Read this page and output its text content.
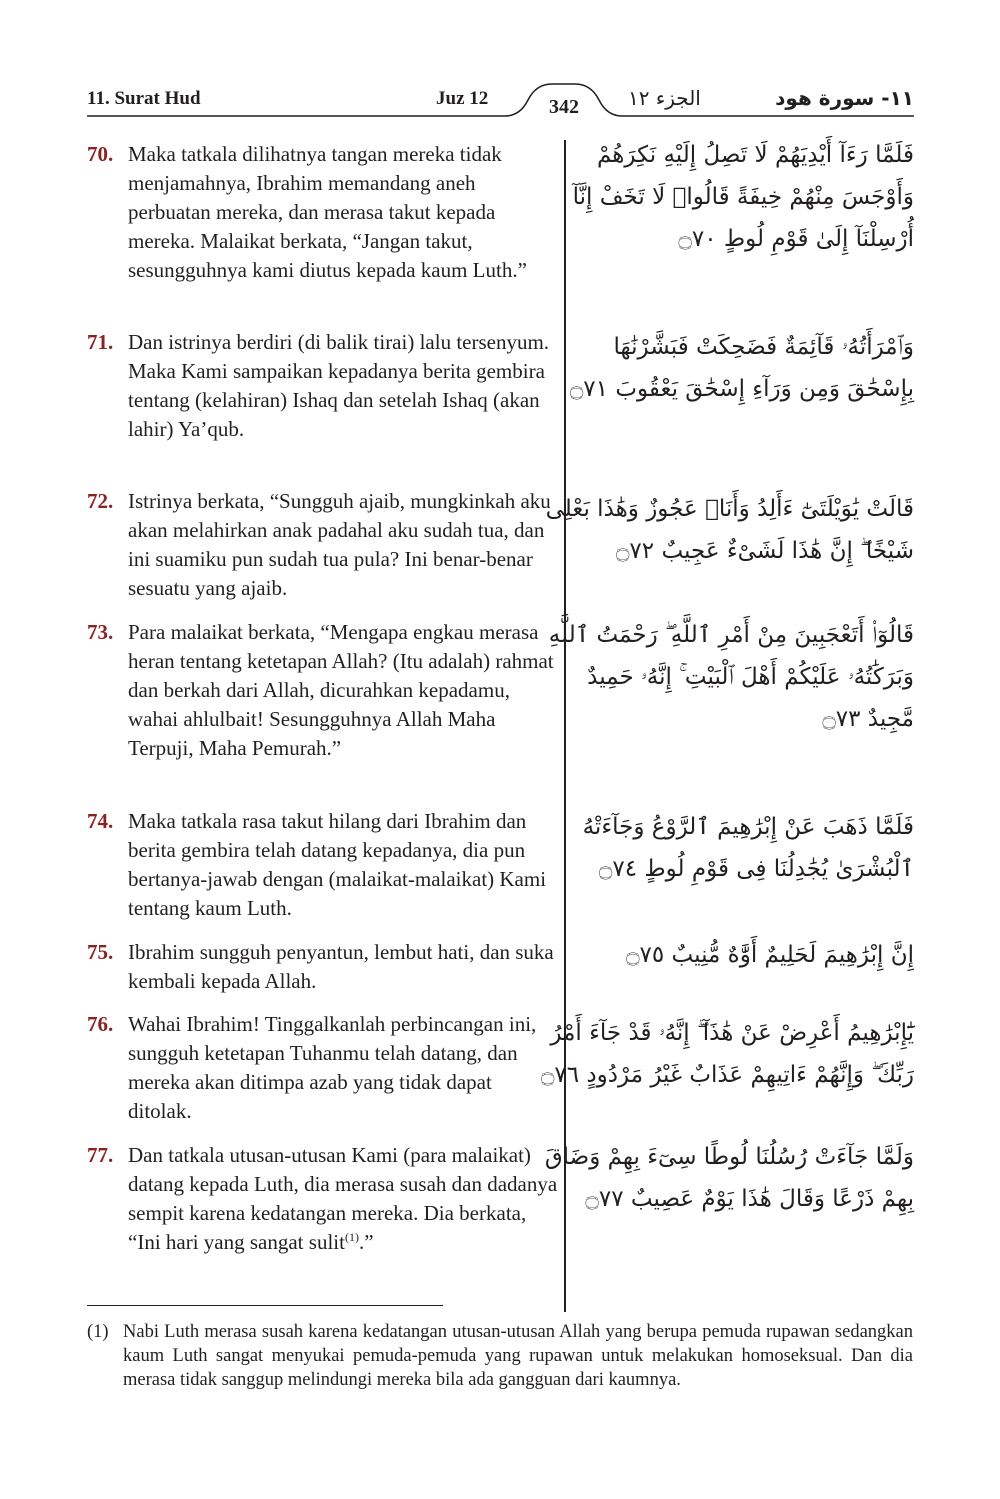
11. Surat Hud	Juz 12	342	الجزء ١٢	١١- سورة هود
70. Maka tatkala dilihatnya tangan mereka tidak menjamahnya, Ibrahim memandang aneh perbuatan mereka, dan merasa takut kepada mereka. Malaikat berkata, “Jangan takut, sesungguhnya kami diutus kepada kaum Luth.”
فَلَمَّا رَءَآ أَيْدِيَهُمْ لَا تَصِلُ إِلَيْهِ نَكِرَهُمْ
وَأَوْجَسَ مِنْهُمْ خِيفَةً قَالُوا۟ لَا تَخَفْ إِنَّآ
أُرْسِلْنَآ إِلَىٰ قَوْمِ لُوطٍ ۝٧٠
71. Dan istrinya berdiri (di balik tirai) lalu tersenyum. Maka Kami sampaikan kepadanya berita gembira tentang (kelahiran) Ishaq dan setelah Ishaq (akan lahir) Ya’qub.
وَٱمْرَأَتُهُۥ قَآئِمَةٌ فَضَحِكَتْ فَبَشَّرْنَٰهَا
بِإِسْحَٰقَ وَمِن وَرَآءِ إِسْحَٰقَ يَعْقُوبَ ۝٧١
72. Istrinya berkata, “Sungguh ajaib, mungkinkah aku akan melahirkan anak padahal aku sudah tua, dan ini suamiku pun sudah tua pula? Ini benar-benar sesuatu yang ajaib.
قَالَتْ يَٰوَيْلَتَىٰٓ ءَأَلِدُ وَأَنَا۠ عَجُوزٌ وَهَٰذَا بَعْلِى
شَيْخًا ۖ إِنَّ هَٰذَا لَشَىْءٌ عَجِيبٌ ۝٧٢
73. Para malaikat berkata, “Mengapa engkau merasa heran tentang ketetapan Allah? (Itu adalah) rahmat dan berkah dari Allah, dicurahkan kepadamu, wahai ahlulbait! Sesungguhnya Allah Maha Terpuji, Maha Pemurah.”
قَالُوٓا۟ أَتَعْجَبِينَ مِنْ أَمْرِ ٱللَّهِ ۖ رَحْمَتُ ٱللَّهِ
وَبَرَكَٰتُهُۥ عَلَيْكُمْ أَهْلَ ٱلْبَيْتِ ۚ إِنَّهُۥ حَمِيدٌ
مَّجِيدٌ ۝٧٣
74. Maka tatkala rasa takut hilang dari Ibrahim dan berita gembira telah datang kepadanya, dia pun bertanya-jawab dengan (malaikat-malaikat) Kami tentang kaum Luth.
فَلَمَّا ذَهَبَ عَنْ إِبْرَٰهِيمَ ٱلرَّوْعُ وَجَآءَتْهُ
ٱلْبُشْرَىٰ يُجَٰدِلُنَا فِى قَوْمِ لُوطٍ ۝٧٤
75. Ibrahim sungguh penyantun, lembut hati, dan suka kembali kepada Allah.
إِنَّ إِبْرَٰهِيمَ لَحَلِيمٌ أَوَّٰهٌ مُّنِيبٌ ۝٧٥
76. Wahai Ibrahim! Tinggalkanlah perbincangan ini, sungguh ketetapan Tuhanmu telah datang, dan mereka akan ditimpa azab yang tidak dapat ditolak.
يَٰٓإِبْرَٰهِيمُ أَعْرِضْ عَنْ هَٰذَآ ۖ إِنَّهُۥ قَدْ جَآءَ أَمْرُ
رَبِّكَ ۖ وَإِنَّهُمْ ءَاتِيهِمْ عَذَابٌ غَيْرُ مَرْدُودٍ ۝٧٦
77. Dan tatkala utusan-utusan Kami (para malaikat) datang kepada Luth, dia merasa susah dan dadanya sempit karena kedatangan mereka. Dia berkata, “Ini hari yang sangat sulit$^{(1)}$.”
وَلَمَّا جَآءَتْ رُسُلُنَا لُوطًا سِىٓءَ بِهِمْ وَضَاقَ
بِهِمْ ذَرْعًا وَقَالَ هَٰذَا يَوْمٌ عَصِيبٌ ۝٧٧
(1) Nabi Luth merasa susah karena kedatangan utusan-utusan Allah yang berupa pemuda rupawan sedangkan kaum Luth sangat menyukai pemuda-pemuda yang rupawan untuk melakukan homoseksual. Dan dia merasa tidak sanggup melindungi mereka bila ada gangguan dari kaumnya.
